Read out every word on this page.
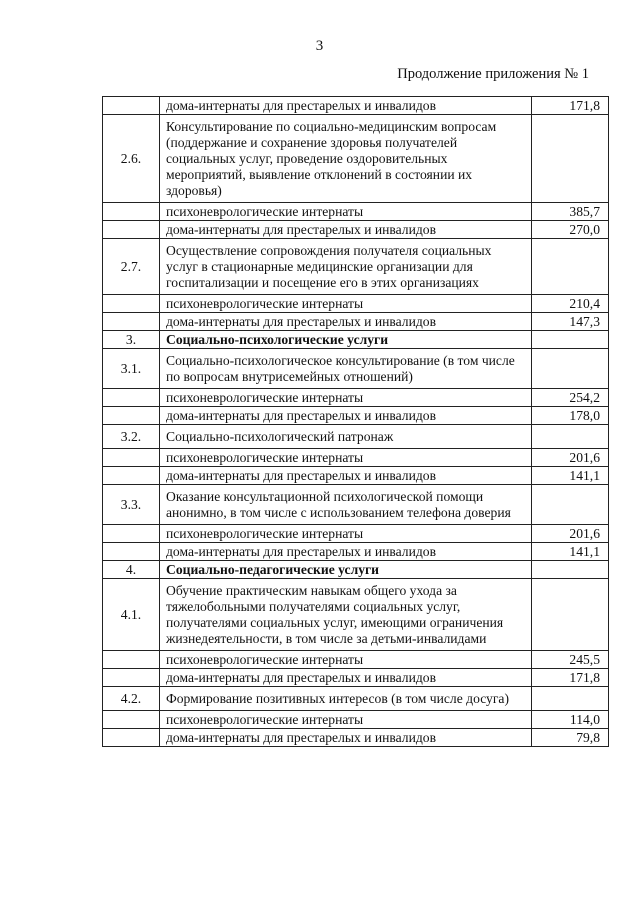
3
Продолжение приложения № 1
	дома-интернаты для престарелых и инвалидов	171,8
2.6.	Консультирование по социально-медицинским вопросам (поддержание и сохранение здоровья получателей социальных услуг, проведение оздоровительных мероприятий, выявление отклонений в состоянии их здоровья)	
	психоневрологические интернаты	385,7
	дома-интернаты для престарелых и инвалидов	270,0
2.7.	Осуществление сопровождения получателя социальных услуг в стационарные медицинские организации для госпитализации и посещение его в этих организациях	
	психоневрологические интернаты	210,4
	дома-интернаты для престарелых и инвалидов	147,3
3.	Социально-психологические услуги	
3.1.	Социально-психологическое консультирование (в том числе по вопросам внутрисемейных отношений)	
	психоневрологические интернаты	254,2
	дома-интернаты для престарелых и инвалидов	178,0
3.2.	Социально-психологический патронаж	
	психоневрологические интернаты	201,6
	дома-интернаты для престарелых и инвалидов	141,1
3.3.	Оказание консультационной психологической помощи анонимно, в том числе с использованием телефона доверия	
	психоневрологические интернаты	201,6
	дома-интернаты для престарелых и инвалидов	141,1
4.	Социально-педагогические услуги	
4.1.	Обучение практическим навыкам общего ухода за тяжелобольными получателями социальных услуг, получателями социальных услуг, имеющими ограничения жизнедеятельности, в том числе за детьми-инвалидами	
	психоневрологические интернаты	245,5
	дома-интернаты для престарелых и инвалидов	171,8
4.2.	Формирование позитивных интересов (в том числе досуга)	
	психоневрологические интернаты	114,0
	дома-интернаты для престарелых и инвалидов	79,8
